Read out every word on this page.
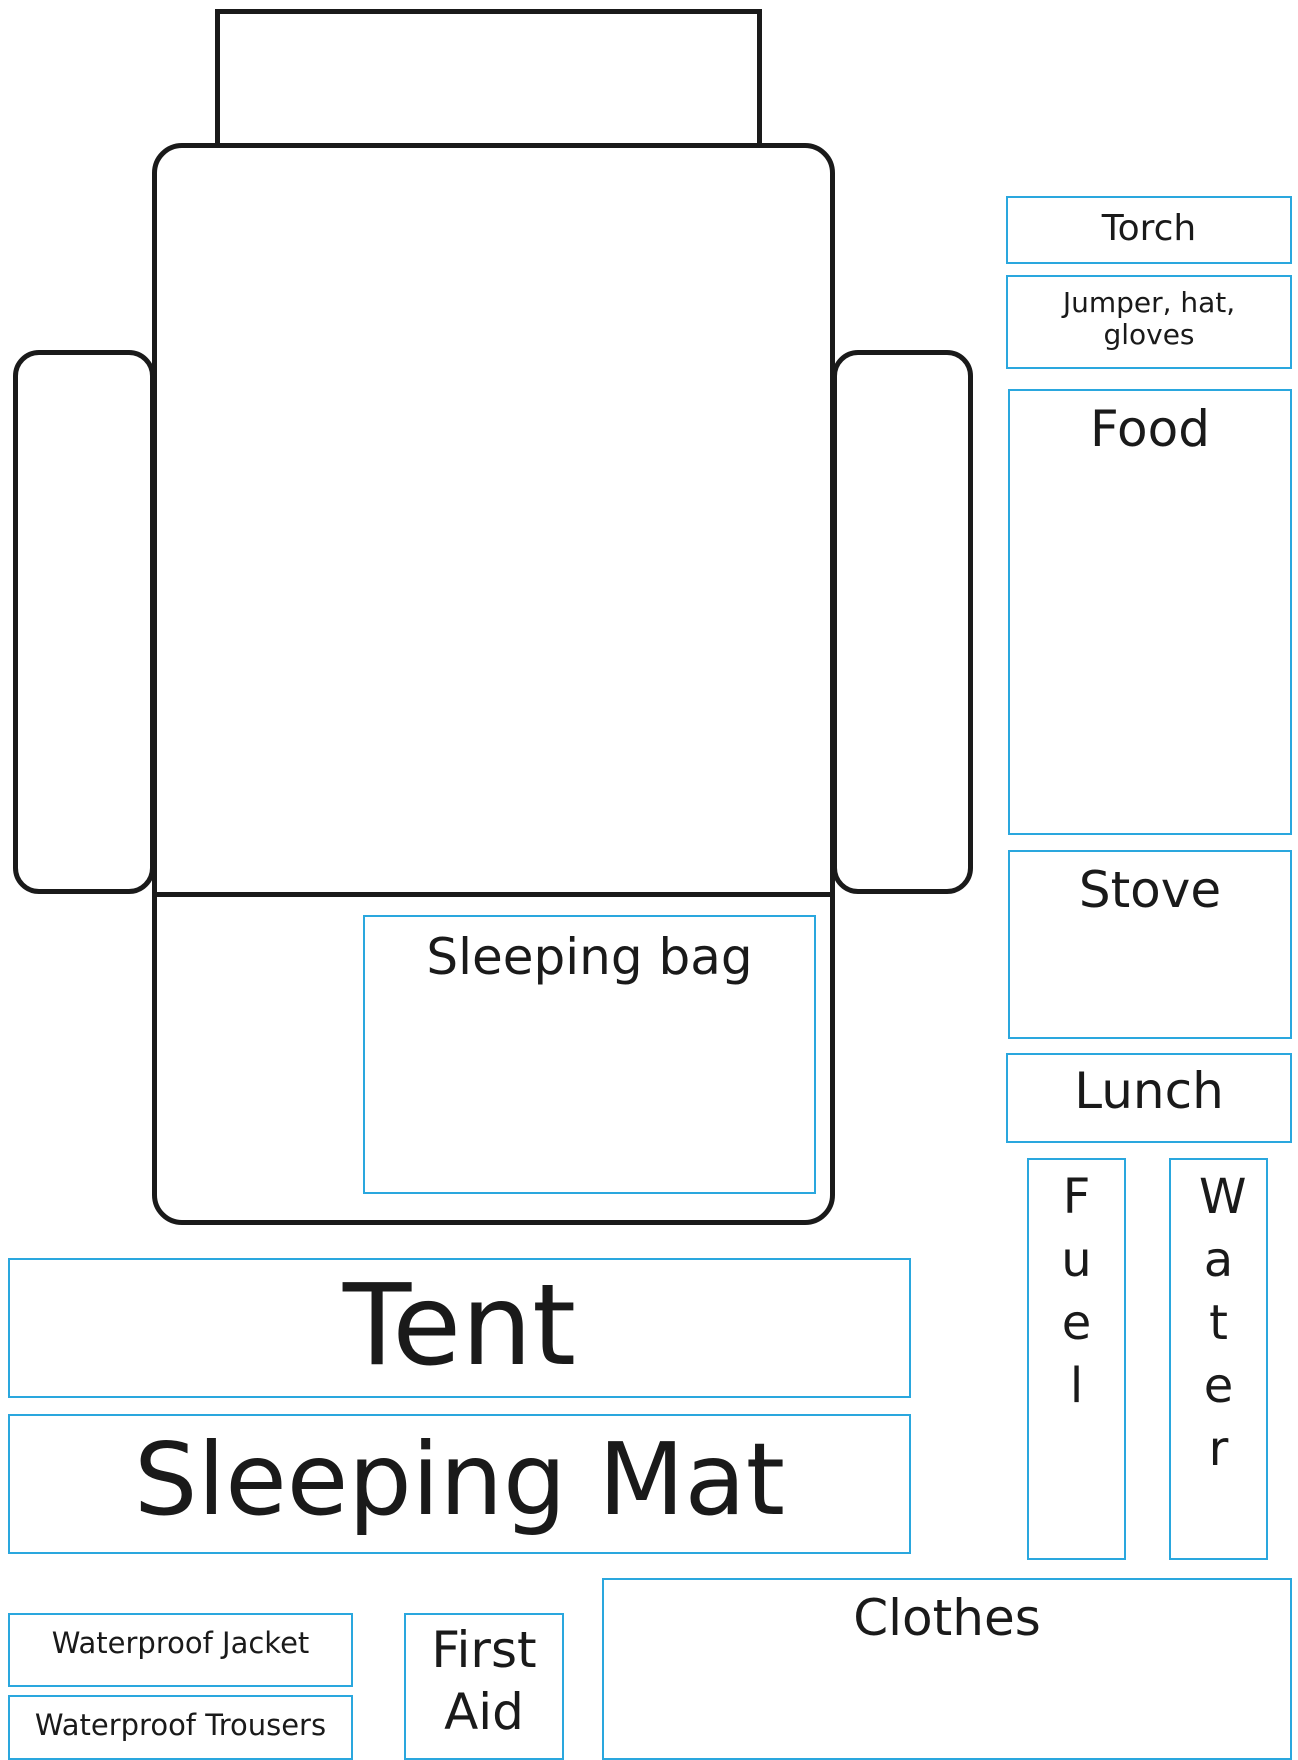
Torch
Jumper, hat, gloves
Food
Stove
Lunch
Fuel
Water
Sleeping bag
Tent
Sleeping Mat
Waterproof Jacket
Waterproof Trousers
First Aid
Clothes
